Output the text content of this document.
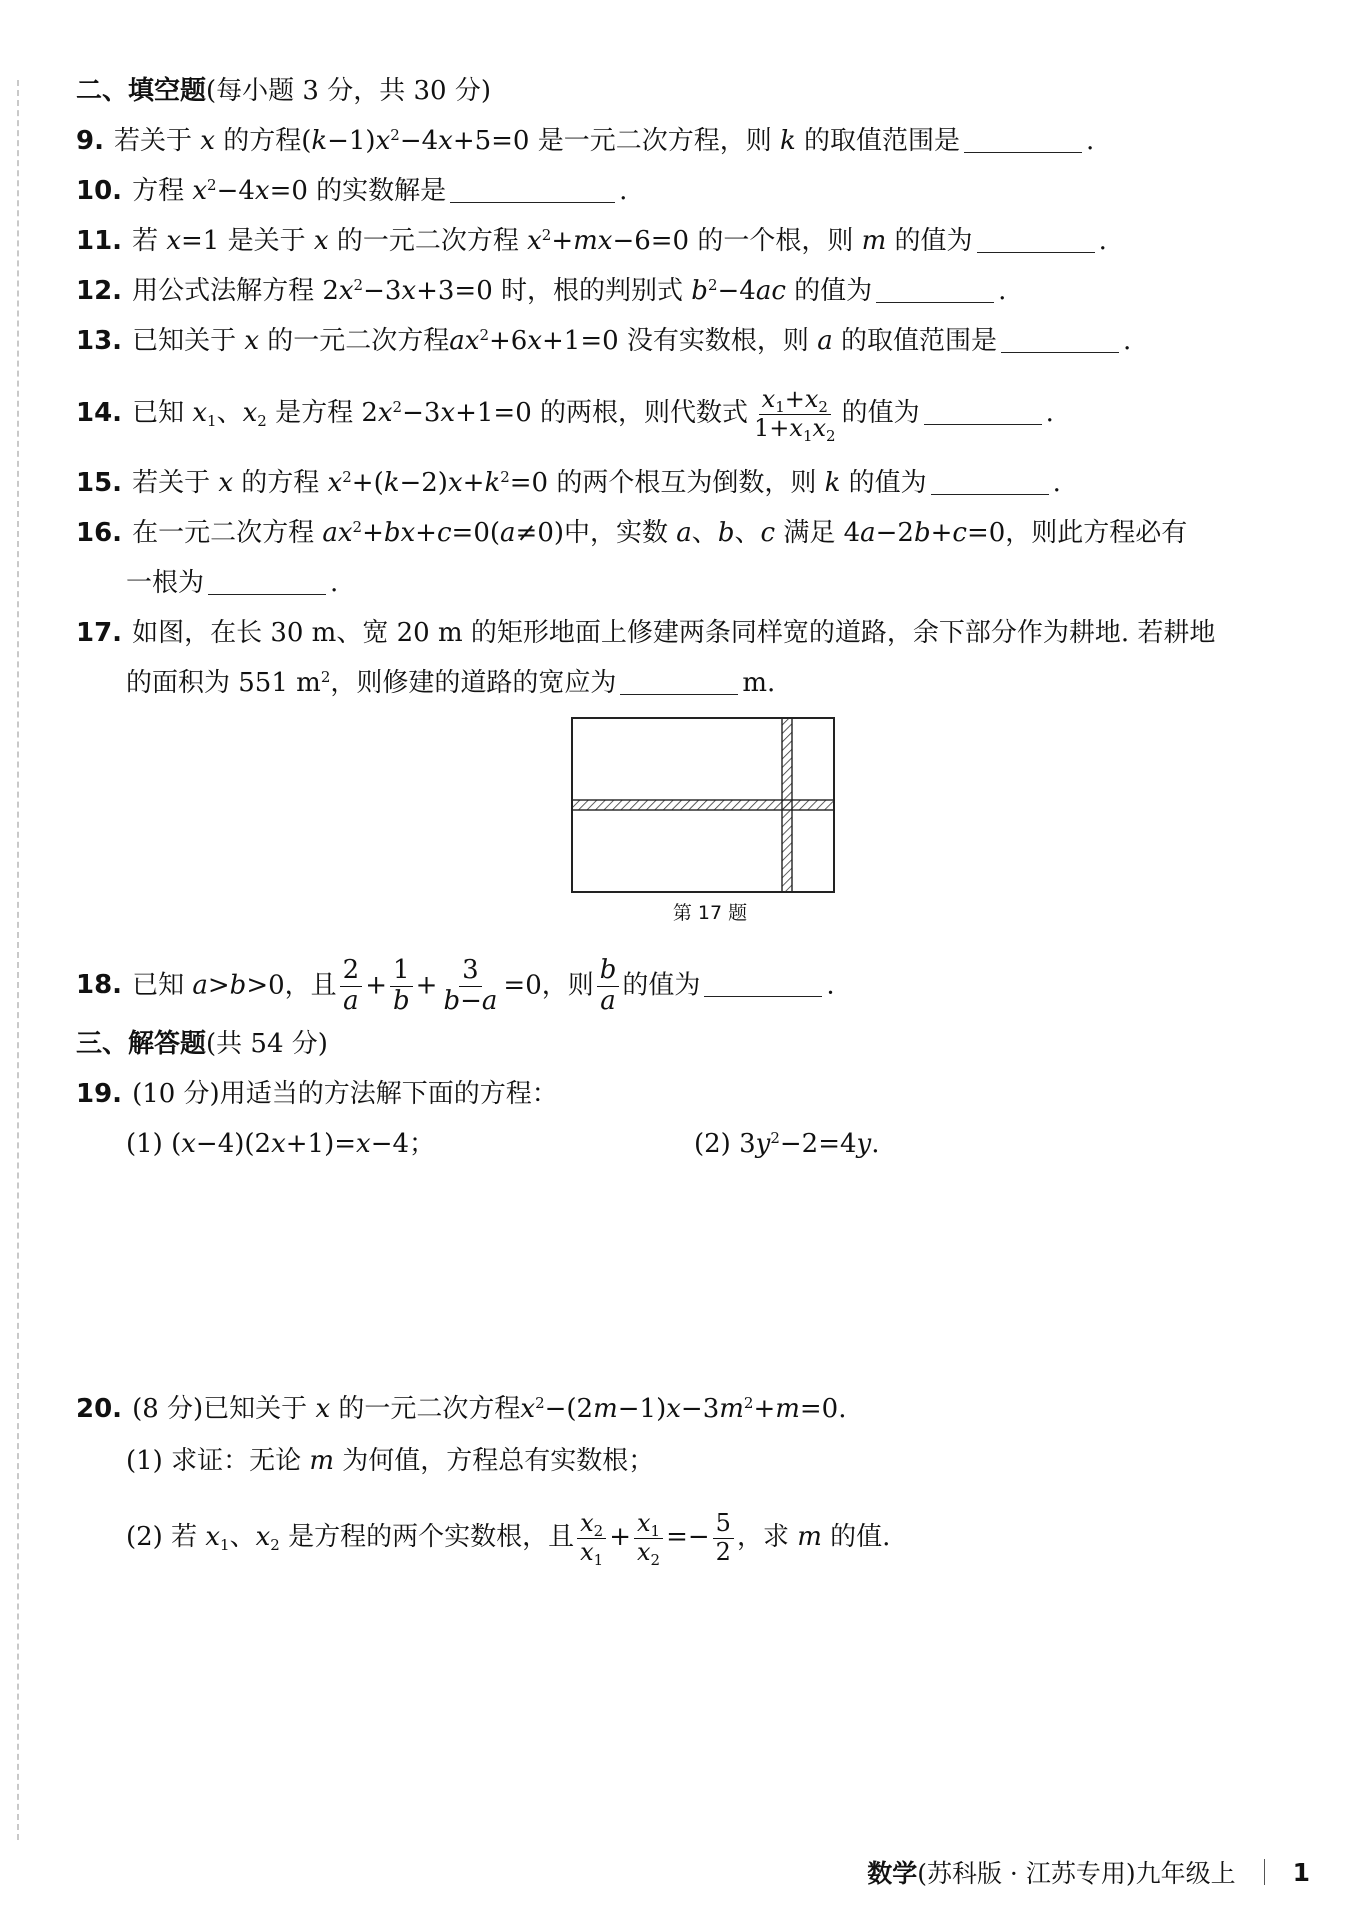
二、填空题(每小题 3 分，共 30 分)
9. 若关于 x 的方程$(k-1)x^2-4x+5=0$ 是一元二次方程，则 k 的取值范围是	.
10. 方程 $x^2-4x=0$ 的实数解是	.
11. 若 x=1 是关于 x 的一元二次方程 $x^2+mx-6=0$ 的一个根，则 m 的值为	.
12. 用公式法解方程 $2x^2-3x+3=0$ 时，根的判别式 $b^2-4ac$ 的值为	.
13. 已知关于 x 的一元二次方程$ax^2+6x+1=0$ 没有实数根，则 a 的取值范围是	.
14. 已知 $x_1$、$x_2$ 是方程 $2x^2-3x+1=0$ 的两根，则代数式 $\frac{x_1+x_2}{1+x_1x_2}$ 的值为	.
15. 若关于 x 的方程 $x^2+(k-2)x+k^2=0$ 的两个根互为倒数，则 k 的值为	.
16. 在一元二次方程 $ax^2+bx+c=0(a\ne 0)$中，实数 a、b、c 满足 4a−2b+c=0，则此方程必有
一根为	.
17. 如图，在长 30 m、宽 20 m 的矩形地面上修建两条同样宽的道路，余下部分作为耕地. 若耕地
的面积为 551 $m^2$，则修建的道路的宽应为	m.
第 17 题
18. 已知 a>b>0，且 $\frac{2}{a} + \frac{1}{b} + \frac{3}{b-a} =0$，则 $\frac{b}{a}$ 的值为	.
三、解答题(共 54 分)
19. (10 分)用适当的方法解下面的方程：
(1) (x−4)(2x+1)=x−4；	(2) $3y^2-2=4y$.
20. (8 分)已知关于 x 的一元二次方程$x^2-(2m-1)x-3m^2+m=0$.
(1) 求证：无论 m 为何值，方程总有实数根；
(2) 若 $x_1$、$x_2$ 是方程的两个实数根，且 $\frac{x_2}{x_1} + \frac{x_1}{x_2} =- \frac{5}{2}$ ，求 m 的值.
数学 (苏科版 · 江苏专用)九年级上 1
